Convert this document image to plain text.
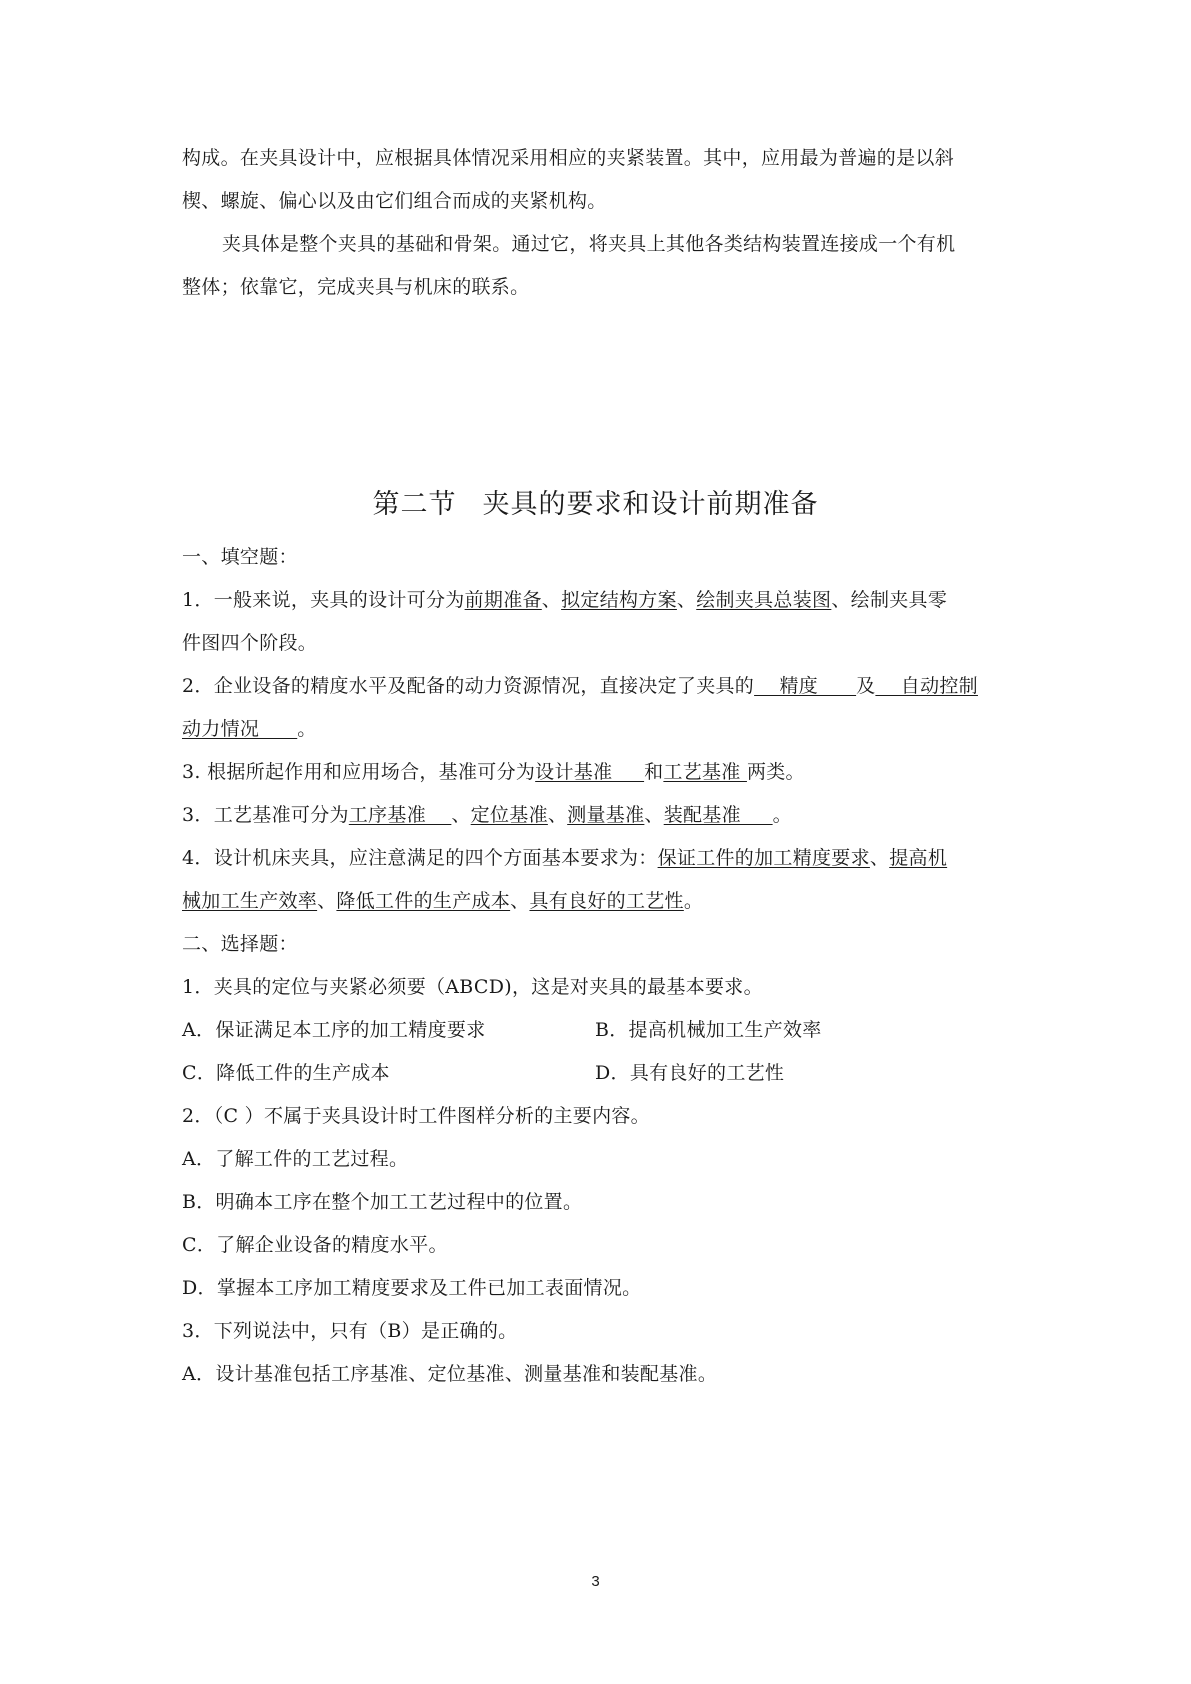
构成。在夹具设计中，应根据具体情况采用相应的夹紧装置。其中，应用最为普遍的是以斜
楔、螺旋、偏心以及由它们组合而成的夹紧机构。
夹具体是整个夹具的基础和骨架。通过它，将夹具上其他各类结构装置连接成一个有机
整体；依靠它，完成夹具与机床的联系。
第二节 夹具的要求和设计前期准备
一、填空题：
1．一般来说，夹具的设计可分为前期准备、拟定结构方案、绘制夹具总装图、绘制夹具零
件图四个阶段。
2．企业设备的精度水平及配备的动力资源情况，直接决定了夹具的    精度      及    自动控制
动力情况      。
3. 根据所起作用和应用场合，基准可分为设计基准     和工艺基准 两类。
3．工艺基准可分为工序基准    、定位基准、测量基准、装配基准     。
4．设计机床夹具，应注意满足的四个方面基本要求为：保证工件的加工精度要求、提高机
械加工生产效率、降低工件的生产成本、具有良好的工艺性。
二、选择题：
1．夹具的定位与夹紧必须要（ABCD)，这是对夹具的最基本要求。
A．保证满足本工序的加工精度要求	B．提高机械加工生产效率
C．降低工件的生产成本	D．具有良好的工艺性
2．（C ）不属于夹具设计时工件图样分析的主要内容。
A．了解工件的工艺过程。
B．明确本工序在整个加工工艺过程中的位置。
C．了解企业设备的精度水平。
D．掌握本工序加工精度要求及工件已加工表面情况。
3．下列说法中，只有（B）是正确的。
A．设计基准包括工序基准、定位基准、测量基准和装配基准。
3
